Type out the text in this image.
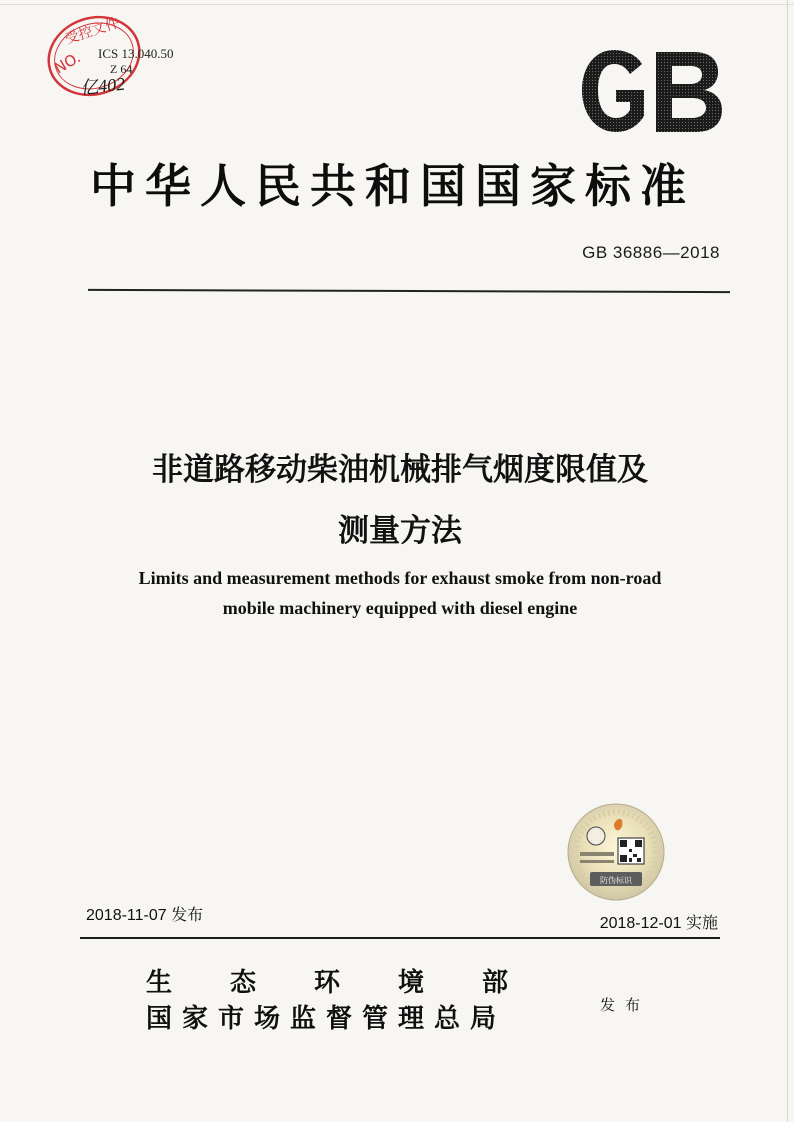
受控文件
NO. ICS 13.040.50
Z 64
亿402
中华人民共和国国家标准
GB 36886—2018
非道路移动柴油机械排气烟度限值及
测量方法
Limits and measurement methods for exhaust smoke from non-road
mobile machinery equipped with diesel engine
防伪标识
2018-11-07 发布	2018-12-01 实施
生态环境部
国家市场监督管理总局	发布
